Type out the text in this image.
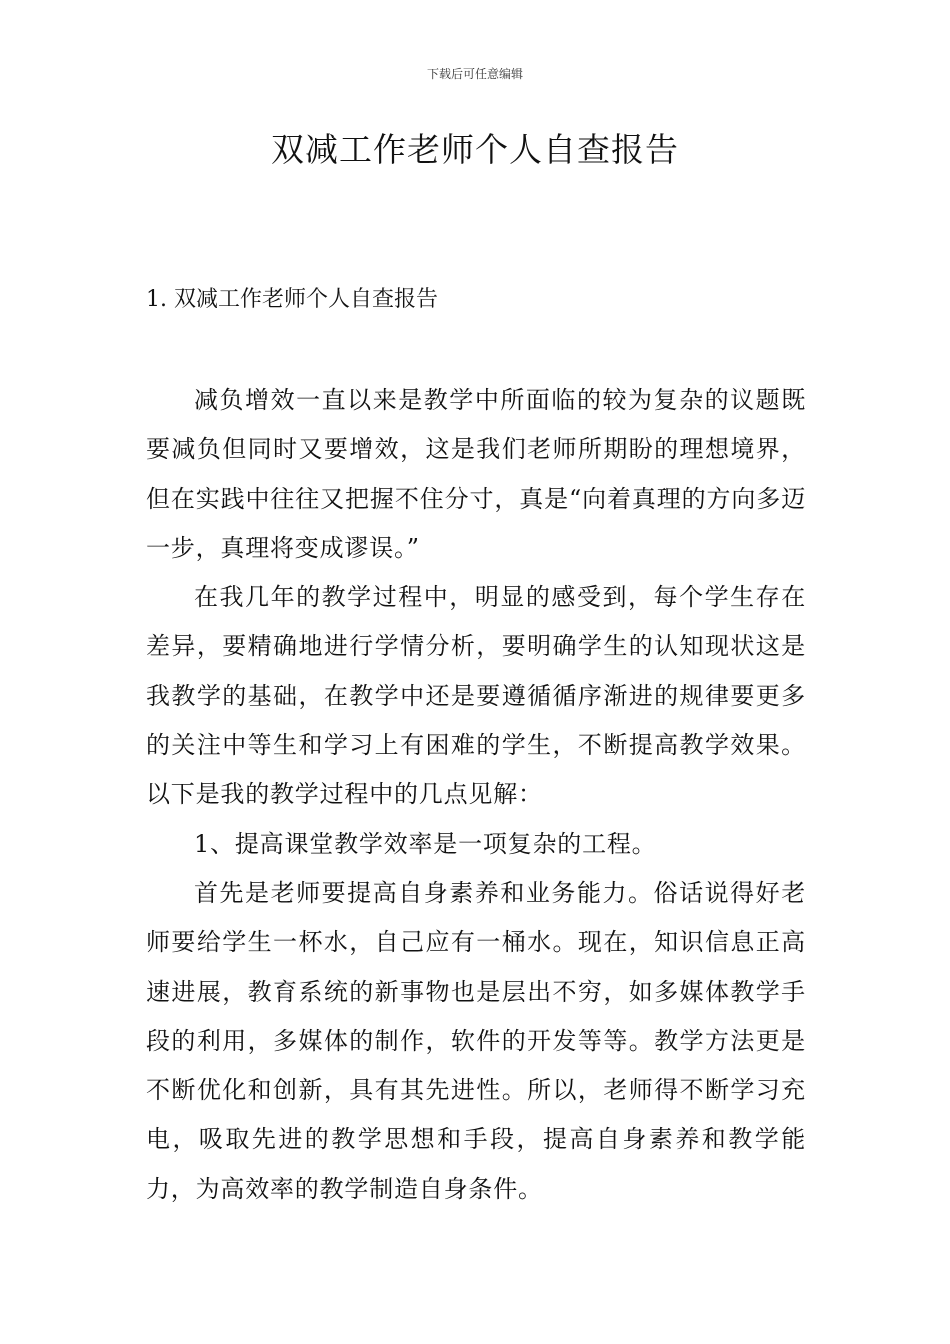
下载后可任意编辑
双减工作老师个人自查报告
1. 双减工作老师个人自查报告

减负增效一直以来是教学中所面临的较为复杂的议题既要减负但同时又要增效，这是我们老师所期盼的理想境界，但在实践中往往又把握不住分寸，真是“向着真理的方向多迈一步，真理将变成谬误。”

在我几年的教学过程中，明显的感受到，每个学生存在差异，要精确地进行学情分析，要明确学生的认知现状这是我教学的基础，在教学中还是要遵循循序渐进的规律要更多的关注中等生和学习上有困难的学生，不断提高教学效果。以下是我的教学过程中的几点见解：

1、提高课堂教学效率是一项复杂的工程。

首先是老师要提高自身素养和业务能力。俗话说得好老师要给学生一杯水，自己应有一桶水。现在，知识信息正高速进展，教育系统的新事物也是层出不穷，如多媒体教学手段的利用，多媒体的制作，软件的开发等等。教学方法更是不断优化和创新，具有其先进性。所以，老师得不断学习充电，吸取先进的教学思想和手段，提高自身素养和教学能力，为高效率的教学制造自身条件。
